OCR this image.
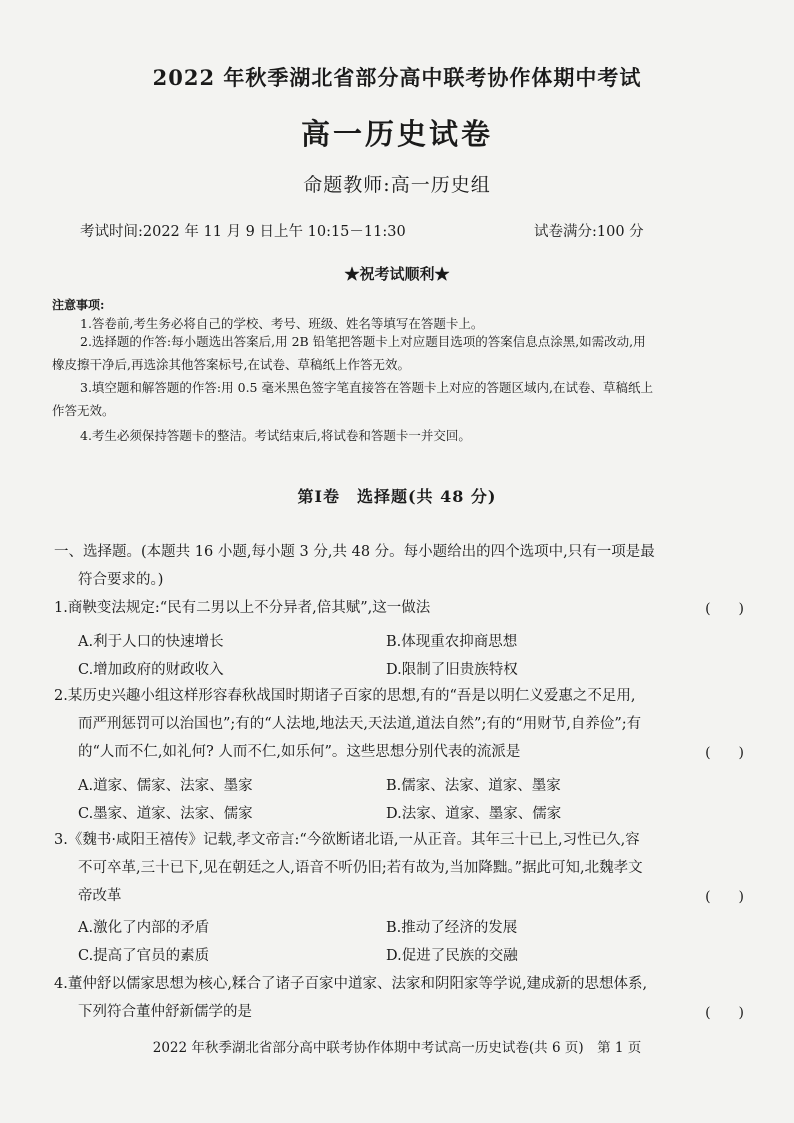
2022 年秋季湖北省部分高中联考协作体期中考试
高一历史试卷
命题教师:高一历史组
考试时间:2022 年 11 月 9 日上午 10:15－11:30	试卷满分:100 分
★祝考试顺利★
注意事项:
1.答卷前,考生务必将自己的学校、考号、班级、姓名等填写在答题卡上。
2.选择题的作答:每小题选出答案后,用 2B 铅笔把答题卡上对应题目选项的答案信息点涂黑,如需改动,用
橡皮擦干净后,再选涂其他答案标号,在试卷、草稿纸上作答无效。
3.填空题和解答题的作答:用 0.5 毫米黑色签字笔直接答在答题卡上对应的答题区域内,在试卷、草稿纸上
作答无效。
4.考生必须保持答题卡的整洁。考试结束后,将试卷和答题卡一并交回。
第Ⅰ卷　选择题(共 48 分)
一、选择题。(本题共 16 小题,每小题 3 分,共 48 分。每小题给出的四个选项中,只有一项是最
符合要求的。)
1.商鞅变法规定:“民有二男以上不分异者,倍其赋”,这一做法	(　　)
A.利于人口的快速增长	B.体现重农抑商思想
C.增加政府的财政收入	D.限制了旧贵族特权
2.某历史兴趣小组这样形容春秋战国时期诸子百家的思想,有的“吾是以明仁义爱惠之不足用,
而严刑惩罚可以治国也”;有的“人法地,地法天,天法道,道法自然”;有的“用财节,自养俭”;有
的“人而不仁,如礼何? 人而不仁,如乐何”。这些思想分别代表的流派是	(　　)
A.道家、儒家、法家、墨家	B.儒家、法家、道家、墨家
C.墨家、道家、法家、儒家	D.法家、道家、墨家、儒家
3.《魏书·咸阳王禧传》记载,孝文帝言:“今欲断诸北语,一从正音。其年三十已上,习性已久,容
不可卒革,三十已下,见在朝廷之人,语音不听仍旧;若有故为,当加降黜。”据此可知,北魏孝文
帝改革	(　　)
A.激化了内部的矛盾	B.推动了经济的发展
C.提高了官员的素质	D.促进了民族的交融
4.董仲舒以儒家思想为核心,糅合了诸子百家中道家、法家和阴阳家等学说,建成新的思想体系,
下列符合董仲舒新儒学的是	(　　)
2022 年秋季湖北省部分高中联考协作体期中考试高一历史试卷(共 6 页)　第 1 页
